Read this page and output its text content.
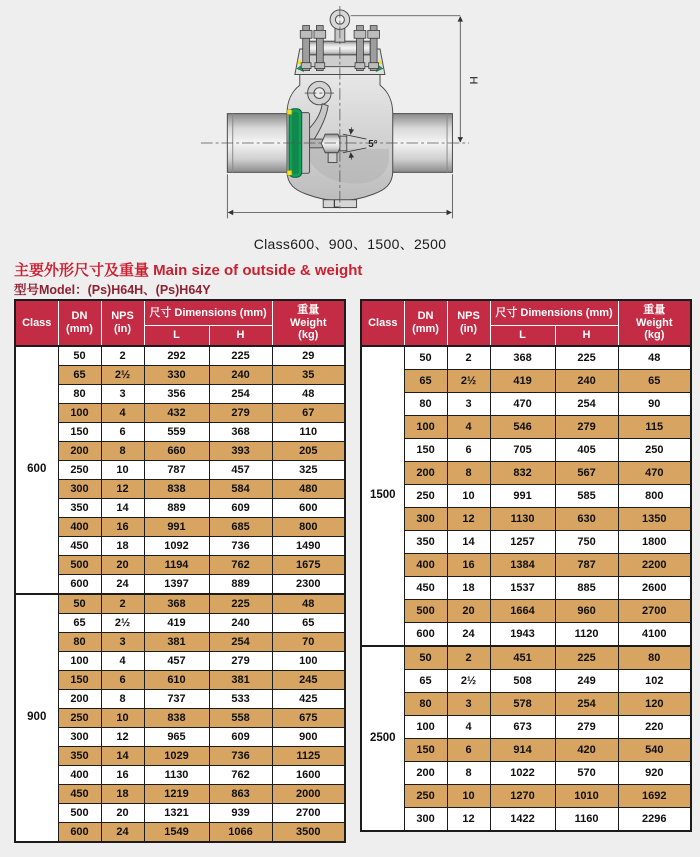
5°
H
L
Class600、900、1500、2500
主要外形尺寸及重量 Main size of outside & weight
型号Model：(Ps)H64H、(Ps)H64Y
Class	DN
(mm)	NPS
(in)	尺寸 Dimensions (mm)		重量
Weight
(kg)
			L	H	
600	50	2	292	225	29
	65	2½	330	240	35
	80	3	356	254	48
	100	4	432	279	67
	150	6	559	368	110
	200	8	660	393	205
	250	10	787	457	325
	300	12	838	584	480
	350	14	889	609	600
	400	16	991	685	800
	450	18	1092	736	1490
	500	20	1194	762	1675
	600	24	1397	889	2300
900	50	2	368	225	48
	65	2½	419	240	65
	80	3	381	254	70
	100	4	457	279	100
	150	6	610	381	245
	200	8	737	533	425
	250	10	838	558	675
	300	12	965	609	900
	350	14	1029	736	1125
	400	16	1130	762	1600
	450	18	1219	863	2000
	500	20	1321	939	2700
	600	24	1549	1066	3500
Class	DN
(mm)	NPS
(in)	尺寸 Dimensions (mm)		重量
Weight
(kg)
			L	H	
1500	50	2	368	225	48
	65	2½	419	240	65
	80	3	470	254	90
	100	4	546	279	115
	150	6	705	405	250
	200	8	832	567	470
	250	10	991	585	800
	300	12	1130	630	1350
	350	14	1257	750	1800
	400	16	1384	787	2200
	450	18	1537	885	2600
	500	20	1664	960	2700
	600	24	1943	1120	4100
2500	50	2	451	225	80
	65	2½	508	249	102
	80	3	578	254	120
	100	4	673	279	220
	150	6	914	420	540
	200	8	1022	570	920
	250	10	1270	1010	1692
	300	12	1422	1160	2296
